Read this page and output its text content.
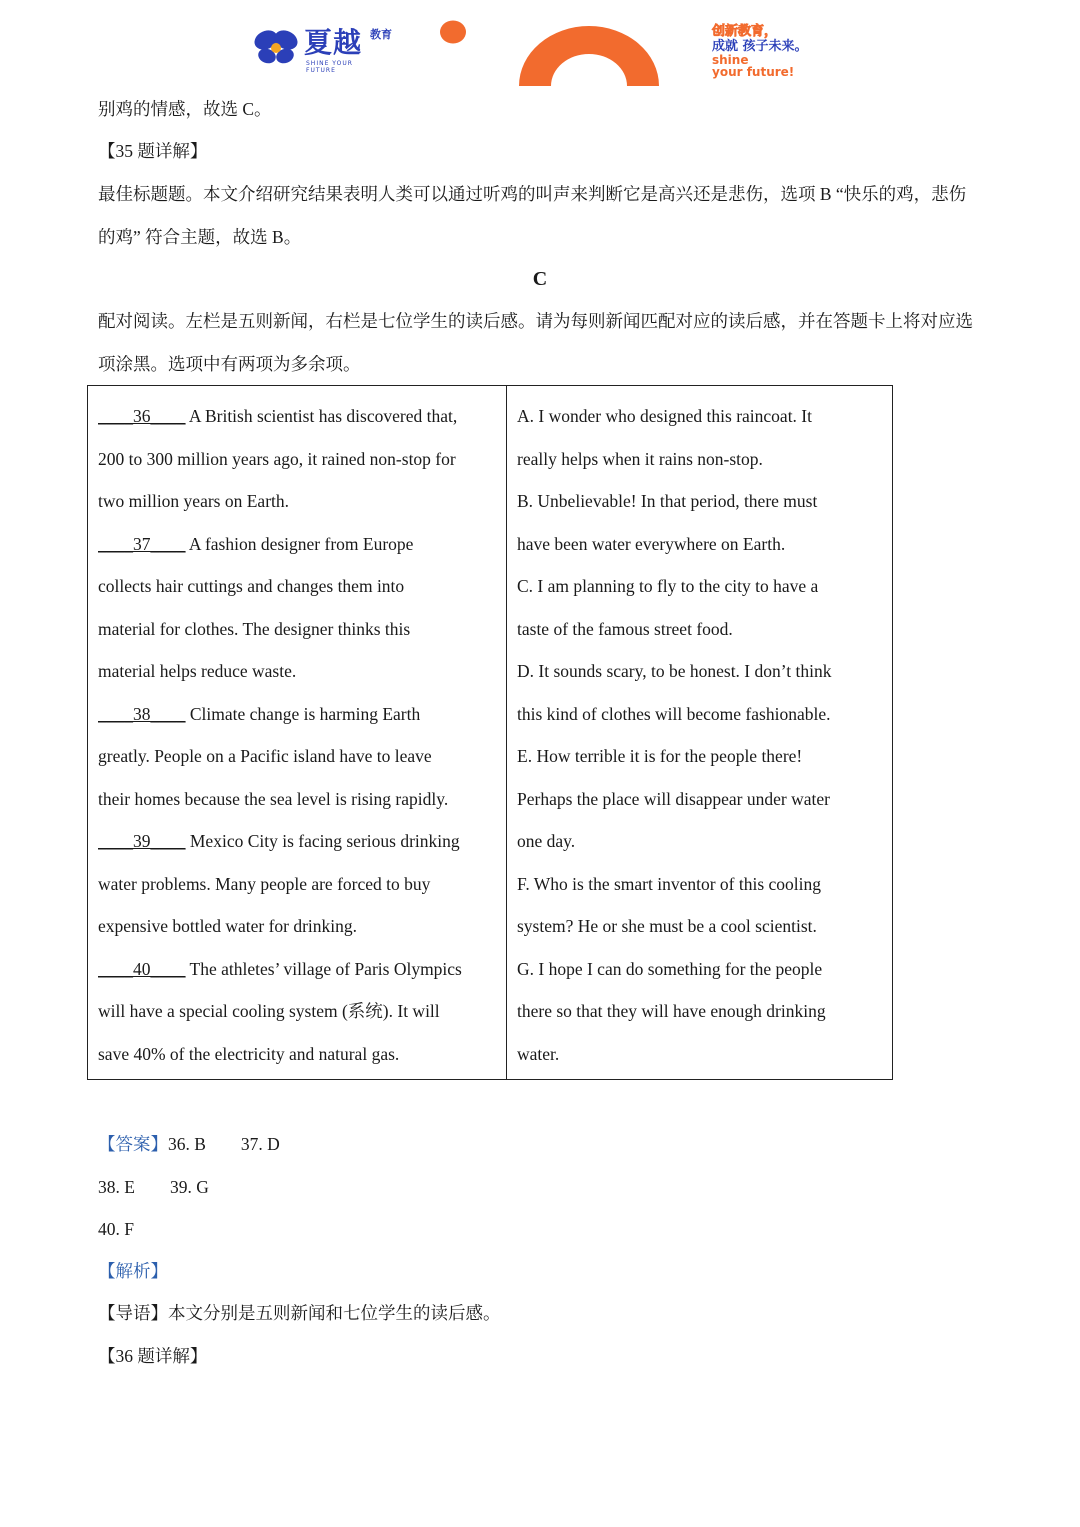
夏越 教育
SHINE YOUR FUTURE
创新教育，
成就 孩子未来。
shine
your future!

别鸡的情感，故选 C。

【35 题详解】

最佳标题题。本文介绍研究结果表明人类可以通过听鸡的叫声来判断它是高兴还是悲伤，选项 B “快乐的鸡，悲伤的鸡” 符合主题，故选 B。

C

配对阅读。左栏是五则新闻，右栏是七位学生的读后感。请为每则新闻匹配对应的读后感，并在答题卡上将对应选项涂黑。选项中有两项为多余项。

____36____ A British scientist has discovered that,
200 to 300 million years ago, it rained non-stop for
two million years on Earth.
____37____ A fashion designer from Europe
collects hair cuttings and changes them into
material for clothes. The designer thinks this
material helps reduce waste.
____38____ Climate change is harming Earth
greatly. People on a Pacific island have to leave
their homes because the sea level is rising rapidly.
____39____ Mexico City is facing serious drinking
water problems. Many people are forced to buy
expensive bottled water for drinking.
____40____ The athletes’ village of Paris Olympics
will have a special cooling system (系统). It will
save 40% of the electricity and natural gas.
A. I wonder who designed this raincoat. It
really helps when it rains non-stop.
B. Unbelievable! In that period, there must
have been water everywhere on Earth.
C. I am planning to fly to the city to have a
taste of the famous street food.
D. It sounds scary, to be honest. I don’t think
this kind of clothes will become fashionable.
E. How terrible it is for the people there!
Perhaps the place will disappear under water
one day.
F. Who is the smart inventor of this cooling
system? He or she must be a cool scientist.
G. I hope I can do something for the people
there so that they will have enough drinking
water.

【答案】36. B        37. D

38. E        39. G

40. F

【解析】

【导语】本文分别是五则新闻和七位学生的读后感。

【36 题详解】
